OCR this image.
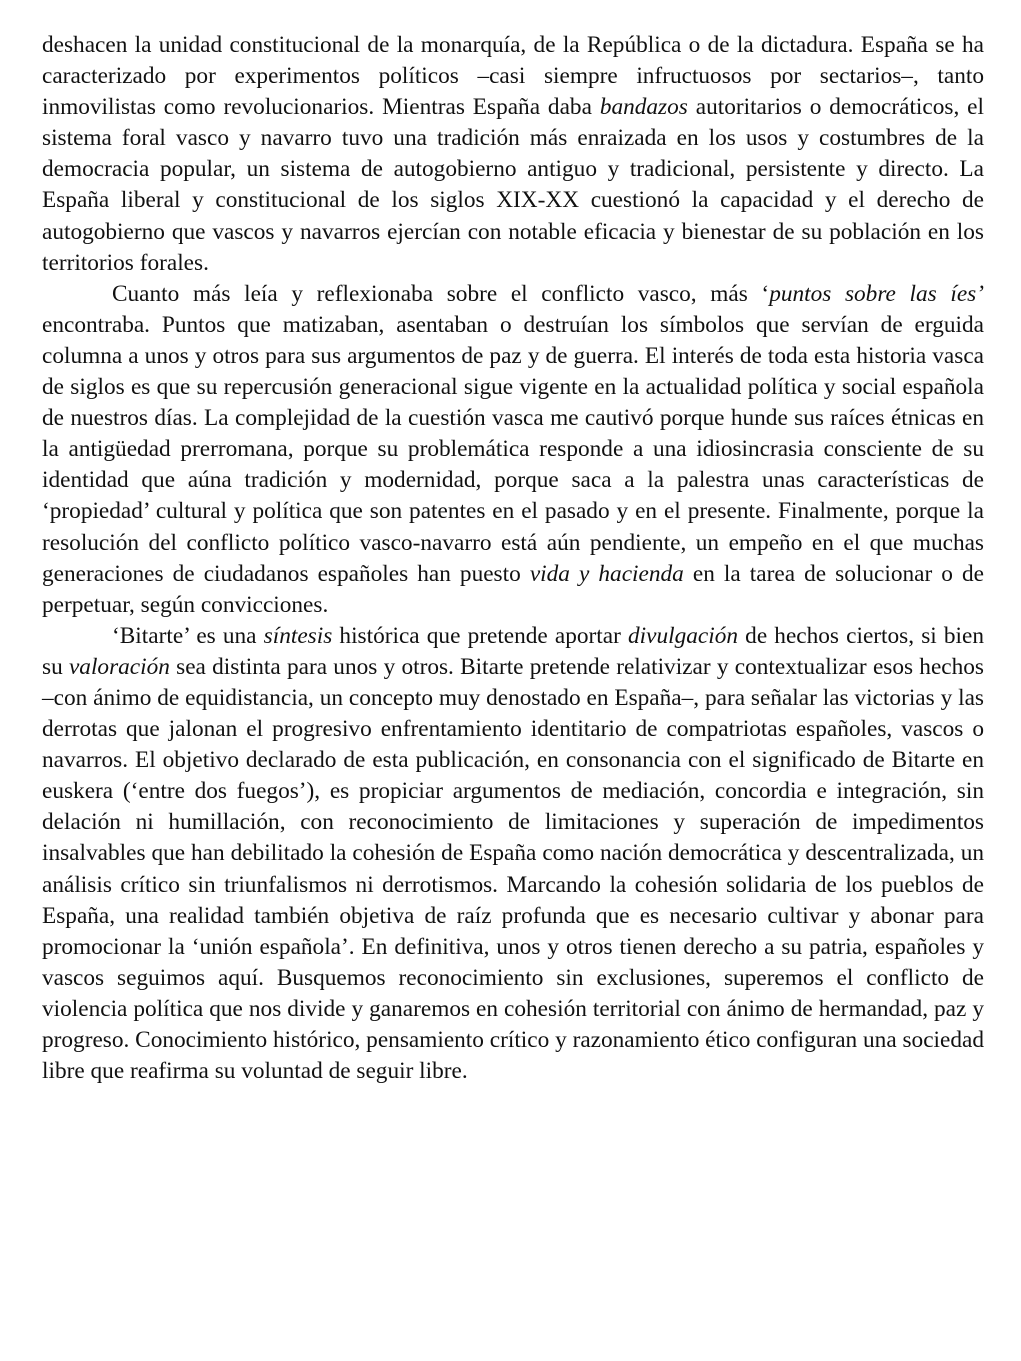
deshacen la unidad constitucional de la monarquía, de la República o de la dictadura. España se ha caracterizado por experimentos políticos –casi siempre infructuosos por sectarios–, tanto inmovilistas como revolucionarios. Mientras España daba bandazos autoritarios o democráticos, el sistema foral vasco y navarro tuvo una tradición más enraizada en los usos y costumbres de la democracia popular, un sistema de autogobierno antiguo y tradicional, persistente y directo. La España liberal y constitucional de los siglos XIX-XX cuestionó la capacidad y el derecho de autogobierno que vascos y navarros ejercían con notable eficacia y bienestar de su población en los territorios forales.

Cuanto más leía y reflexionaba sobre el conflicto vasco, más ‘puntos sobre las íes’ encontraba. Puntos que matizaban, asentaban o destruían los símbolos que servían de erguida columna a unos y otros para sus argumentos de paz y de guerra. El interés de toda esta historia vasca de siglos es que su repercusión generacional sigue vigente en la actualidad política y social española de nuestros días. La complejidad de la cuestión vasca me cautivó porque hunde sus raíces étnicas en la antigüedad prerromana, porque su problemática responde a una idiosincrasia consciente de su identidad que aúna tradición y modernidad, porque saca a la palestra unas características de ‘propiedad’ cultural y política que son patentes en el pasado y en el presente. Finalmente, porque la resolución del conflicto político vasco-navarro está aún pendiente, un empeño en el que muchas generaciones de ciudadanos españoles han puesto vida y hacienda en la tarea de solucionar o de perpetuar, según convicciones.

‘Bitarte’ es una síntesis histórica que pretende aportar divulgación de hechos ciertos, si bien su valoración sea distinta para unos y otros. Bitarte pretende relativizar y contextualizar esos hechos –con ánimo de equidistancia, un concepto muy denostado en España–, para señalar las victorias y las derrotas que jalonan el progresivo enfrentamiento identitario de compatriotas españoles, vascos o navarros. El objetivo declarado de esta publicación, en consonancia con el significado de Bitarte en euskera (‘entre dos fuegos’), es propiciar argumentos de mediación, concordia e integración, sin delación ni humillación, con reconocimiento de limitaciones y superación de impedimentos insalvables que han debilitado la cohesión de España como nación democrática y descentralizada, un análisis crítico sin triunfalismos ni derrotismos. Marcando la cohesión solidaria de los pueblos de España, una realidad también objetiva de raíz profunda que es necesario cultivar y abonar para promocionar la ‘unión española’. En definitiva, unos y otros tienen derecho a su patria, españoles y vascos seguimos aquí. Busquemos reconocimiento sin exclusiones, superemos el conflicto de violencia política que nos divide y ganaremos en cohesión territorial con ánimo de hermandad, paz y progreso. Conocimiento histórico, pensamiento crítico y razonamiento ético configuran una sociedad libre que reafirma su voluntad de seguir libre.
